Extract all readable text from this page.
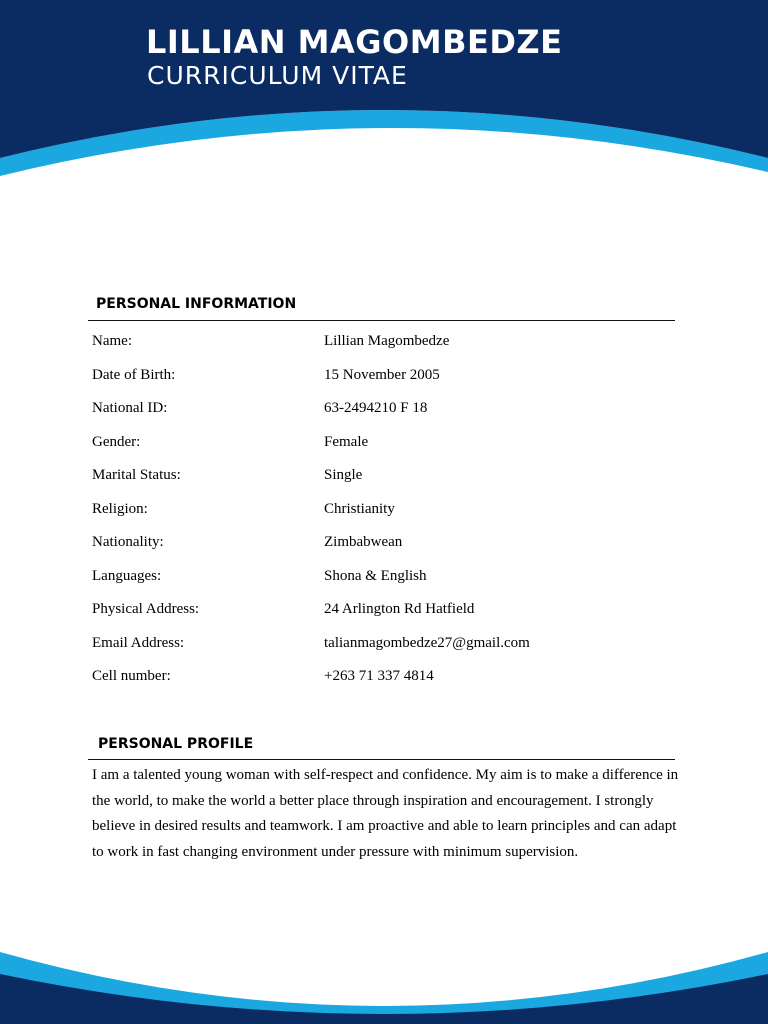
LILLIAN MAGOMBEDZE
CURRICULUM VITAE
PERSONAL INFORMATION
Name:	Lillian Magombedze
Date of Birth:	15 November 2005
National ID:	63-2494210 F 18
Gender:	Female
Marital Status:	Single
Religion:	Christianity
Nationality:	Zimbabwean
Languages:	Shona & English
Physical Address:	24 Arlington Rd Hatfield
Email Address:	talianmagombedze27@gmail.com
Cell number:	+263 71 337 4814
PERSONAL PROFILE

I am a talented young woman with self-respect and confidence. My aim is to make a difference in the world, to make the world a better place through inspiration and encouragement. I strongly believe in desired results and teamwork. I am proactive and able to learn principles and can adapt to work in fast changing environment under pressure with minimum supervision.
